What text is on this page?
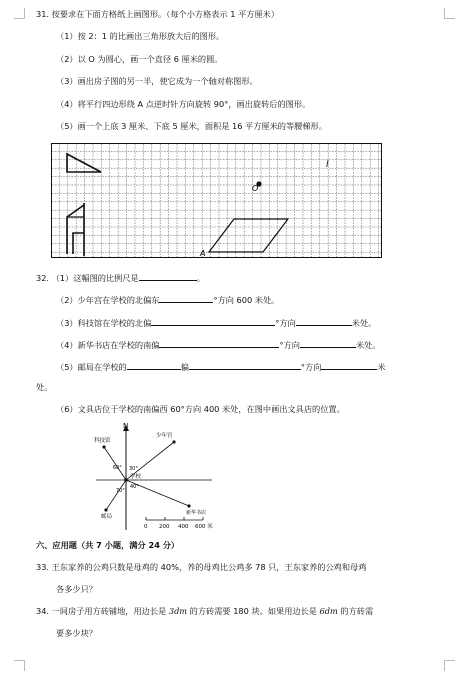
31. 按要求在下面方格纸上画图形。（每个小方格表示 1 平方厘米）
（1）按 2：1 的比画出三角形放大后的图形。
（2）以 O 为圆心，画一个直径 6 厘米的圆。
（3）画出房子图的另一半，使它成为一个轴对称图形。
（4）将平行四边形绕 A 点逆时针方向旋转 90°，画出旋转后的图形。
（5）画一个上底 3 厘米、下底 5 厘米，面积是 16 平方厘米的等腰梯形。
O
A
l
32. （1）这幅图的比例尺是	。
（2）少年宫在学校的北偏东	°方向 600 米处。
（3）科技馆在学校的北偏	°方向	米处。
（4）新华书店在学校的南偏	°方向	米处。
（5）邮局在学校的	偏	°方向	米
处。
（6）文具店位于学校的南偏西 60°方向 400 米处，在图中画出文具店的位置。
N
科技馆
少年宫
学校
邮局
新华书店
60° 30°
70°
40°
0 200 400 600 米
六、应用题（共 7 小题，满分 24 分）
33. 王东家养的公鸡只数是母鸡的 40%，养的母鸡比公鸡多 78 只，王东家养的公鸡和母鸡
各多少只？
34. 一间房子用方砖铺地，用边长是 3dm 的方砖需要 180 块。如果用边长是 6dm 的方砖需
要多少块？
